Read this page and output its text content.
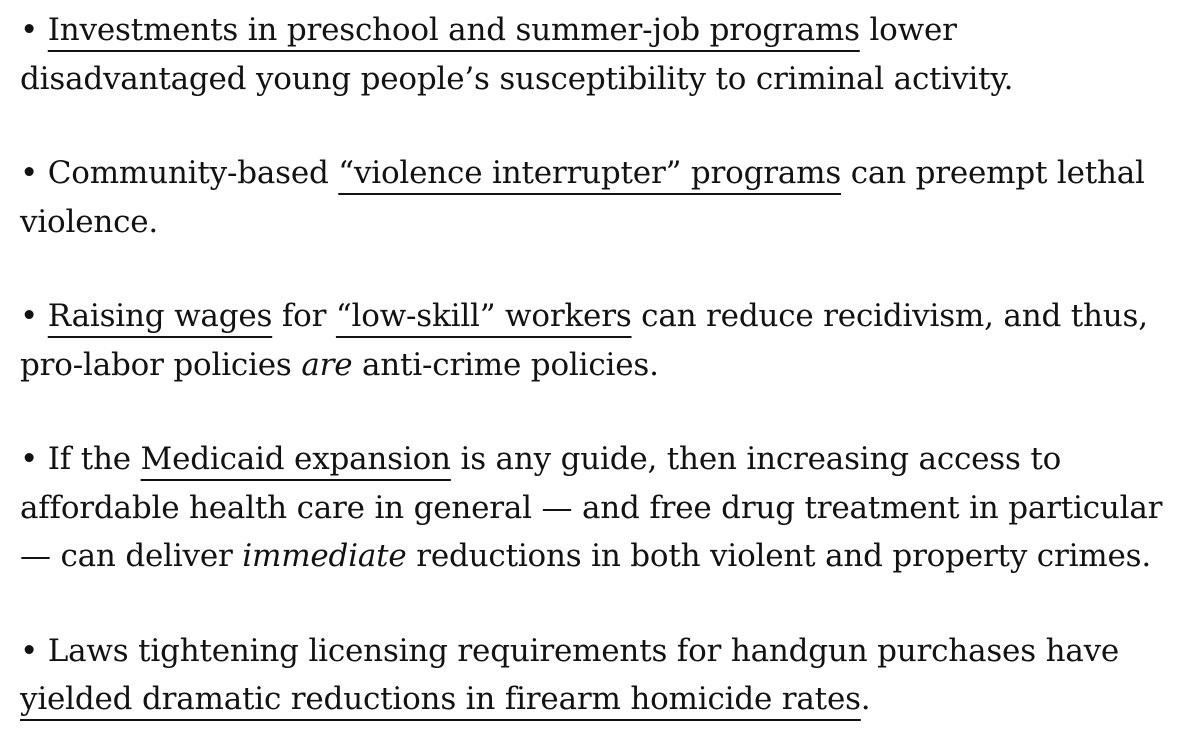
• Investments in preschool and summer-job programs lower disadvantaged young people’s susceptibility to criminal activity.

• Community-based “violence interrupter” programs can preempt lethal violence.

• Raising wages for “low-skill” workers can reduce recidivism, and thus, pro-labor policies are anti-crime policies.

• If the Medicaid expansion is any guide, then increasing access to affordable health care in general — and free drug treatment in particular — can deliver immediate reductions in both violent and property crimes.

• Laws tightening licensing requirements for handgun purchases have yielded dramatic reductions in firearm homicide rates.
